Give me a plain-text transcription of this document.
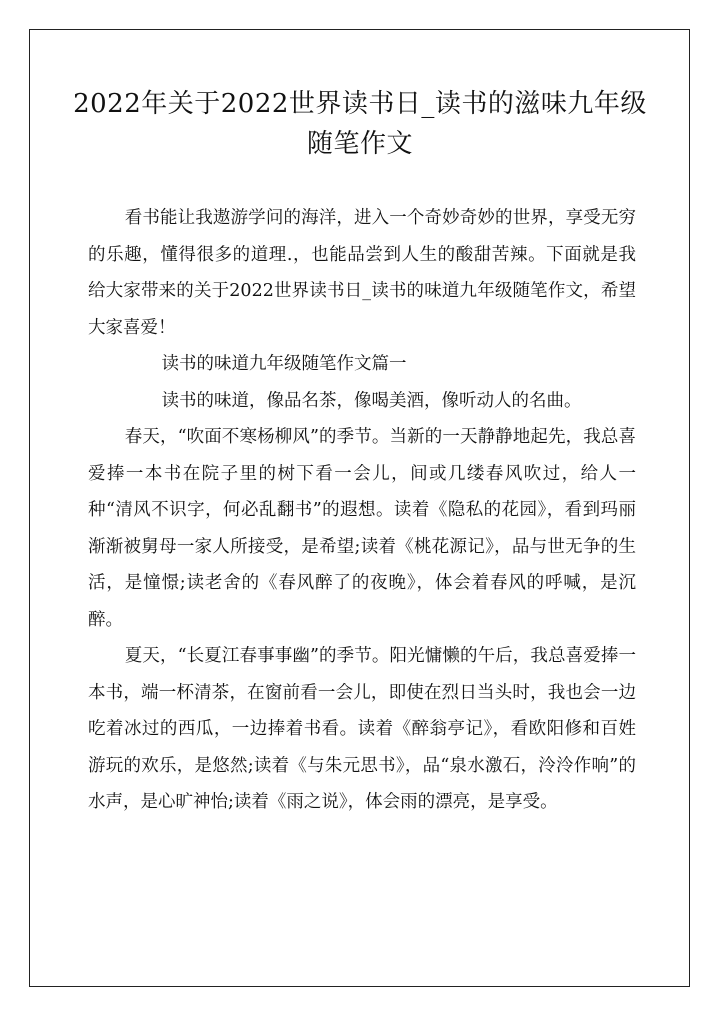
2022年关于2022世界读书日_读书的滋味九年级随笔作文

看书能让我遨游学问的海洋，进入一个奇妙奇妙的世界，享受无穷的乐趣，懂得很多的道理.，也能品尝到人生的酸甜苦辣。下面就是我给大家带来的关于2022世界读书日_读书的味道九年级随笔作文，希望大家喜爱！

读书的味道九年级随笔作文篇一

读书的味道，像品名茶，像喝美酒，像听动人的名曲。

春天，“吹面不寒杨柳风”的季节。当新的一天静静地起先，我总喜爱捧一本书在院子里的树下看一会儿，间或几缕春风吹过，给人一种“清风不识字，何必乱翻书”的遐想。读着《隐私的花园》，看到玛丽渐渐被舅母一家人所接受，是希望;读着《桃花源记》，品与世无争的生活，是憧憬;读老舍的《春风醉了的夜晚》，体会着春风的呼喊，是沉醉。

夏天，“长夏江春事事幽”的季节。阳光慵懒的午后，我总喜爱捧一本书，端一杯清茶，在窗前看一会儿，即使在烈日当头时，我也会一边吃着冰过的西瓜，一边捧着书看。读着《醉翁亭记》，看欧阳修和百姓游玩的欢乐，是悠然;读着《与朱元思书》，品“泉水激石，泠泠作响”的水声，是心旷神怡;读着《雨之说》，体会雨的漂亮，是享受。
